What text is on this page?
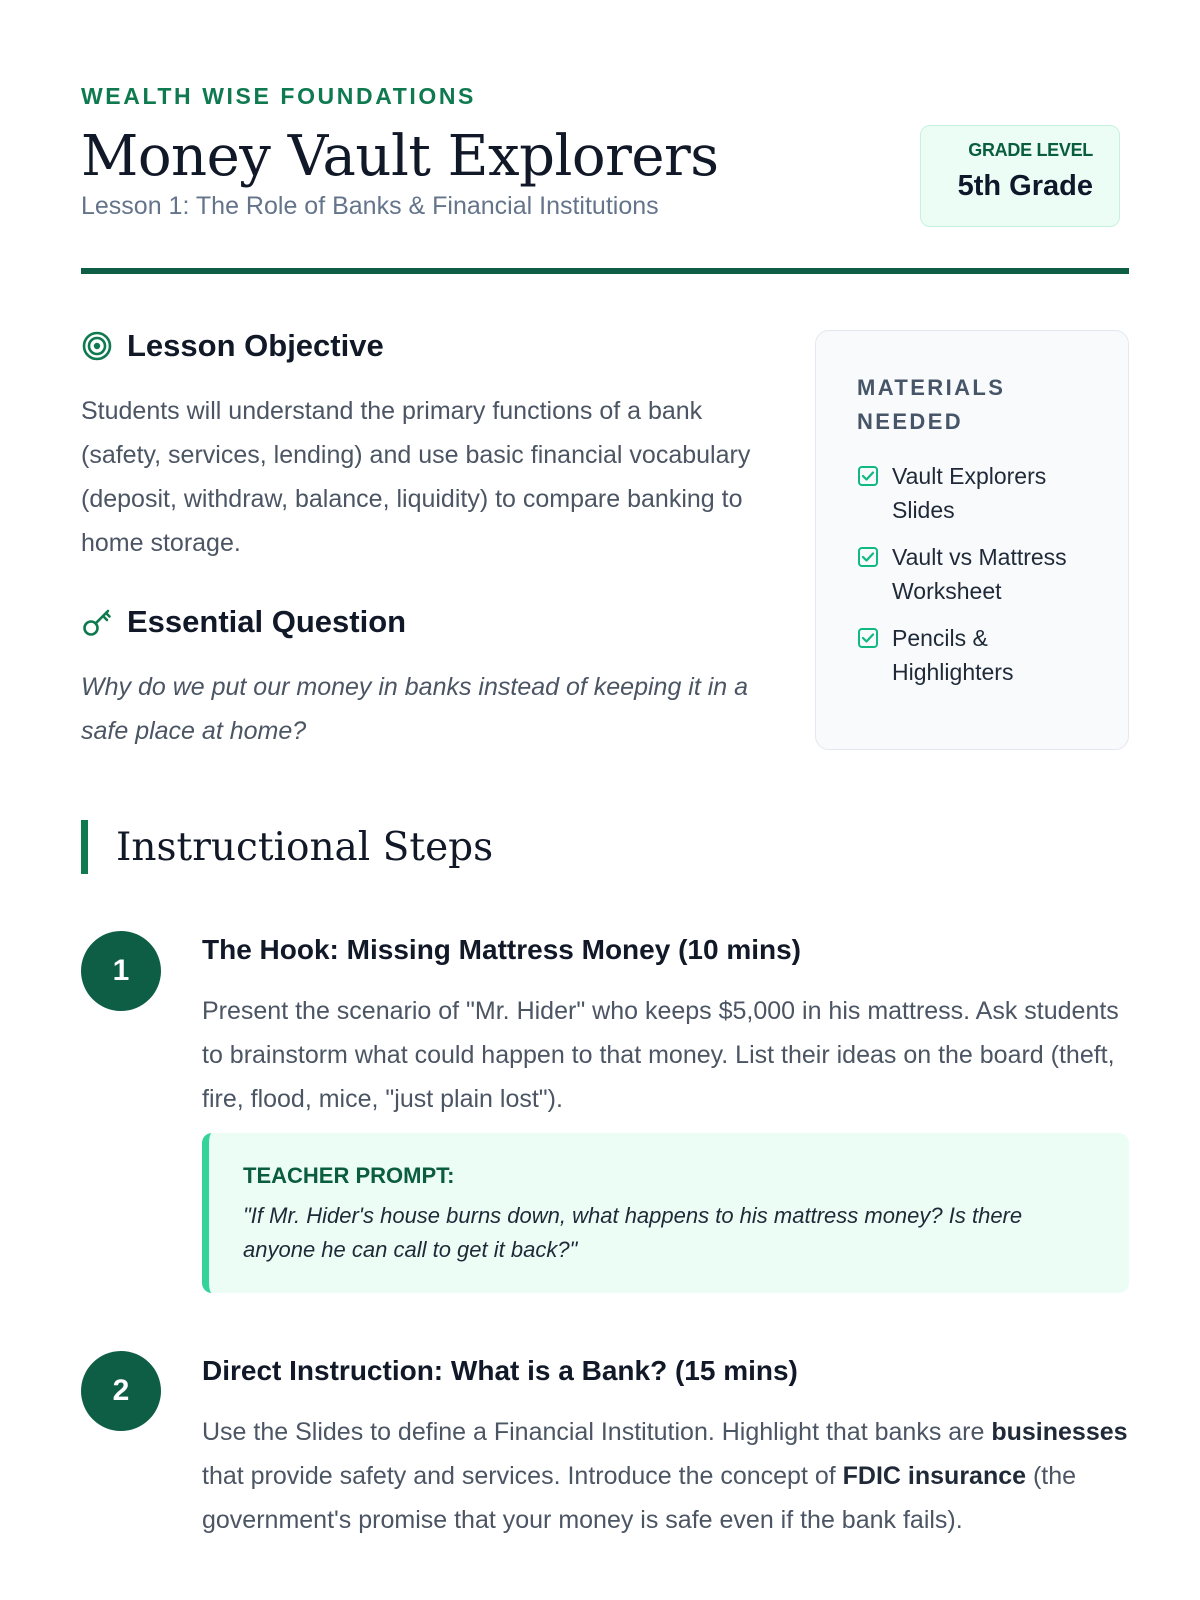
WEALTH WISE FOUNDATIONS
Money Vault Explorers
Lesson 1: The Role of Banks & Financial Institutions
GRADE LEVEL
5th Grade
Lesson Objective
Students will understand the primary functions of a bank (safety, services, lending) and use basic financial vocabulary (deposit, withdraw, balance, liquidity) to compare banking to home storage.
Essential Question
Why do we put our money in banks instead of keeping it in a safe place at home?
MATERIALS NEEDED
Vault Explorers Slides
Vault vs Mattress Worksheet
Pencils & Highlighters
Instructional Steps
1
The Hook: Missing Mattress Money (10 mins)
Present the scenario of "Mr. Hider" who keeps $5,000 in his mattress. Ask students to brainstorm what could happen to that money. List their ideas on the board (theft, fire, flood, mice, "just plain lost").
TEACHER PROMPT:
"If Mr. Hider's house burns down, what happens to his mattress money? Is there anyone he can call to get it back?"
2
Direct Instruction: What is a Bank? (15 mins)
Use the Slides to define a Financial Institution. Highlight that banks are businesses that provide safety and services. Introduce the concept of FDIC insurance (the government's promise that your money is safe even if the bank fails).
